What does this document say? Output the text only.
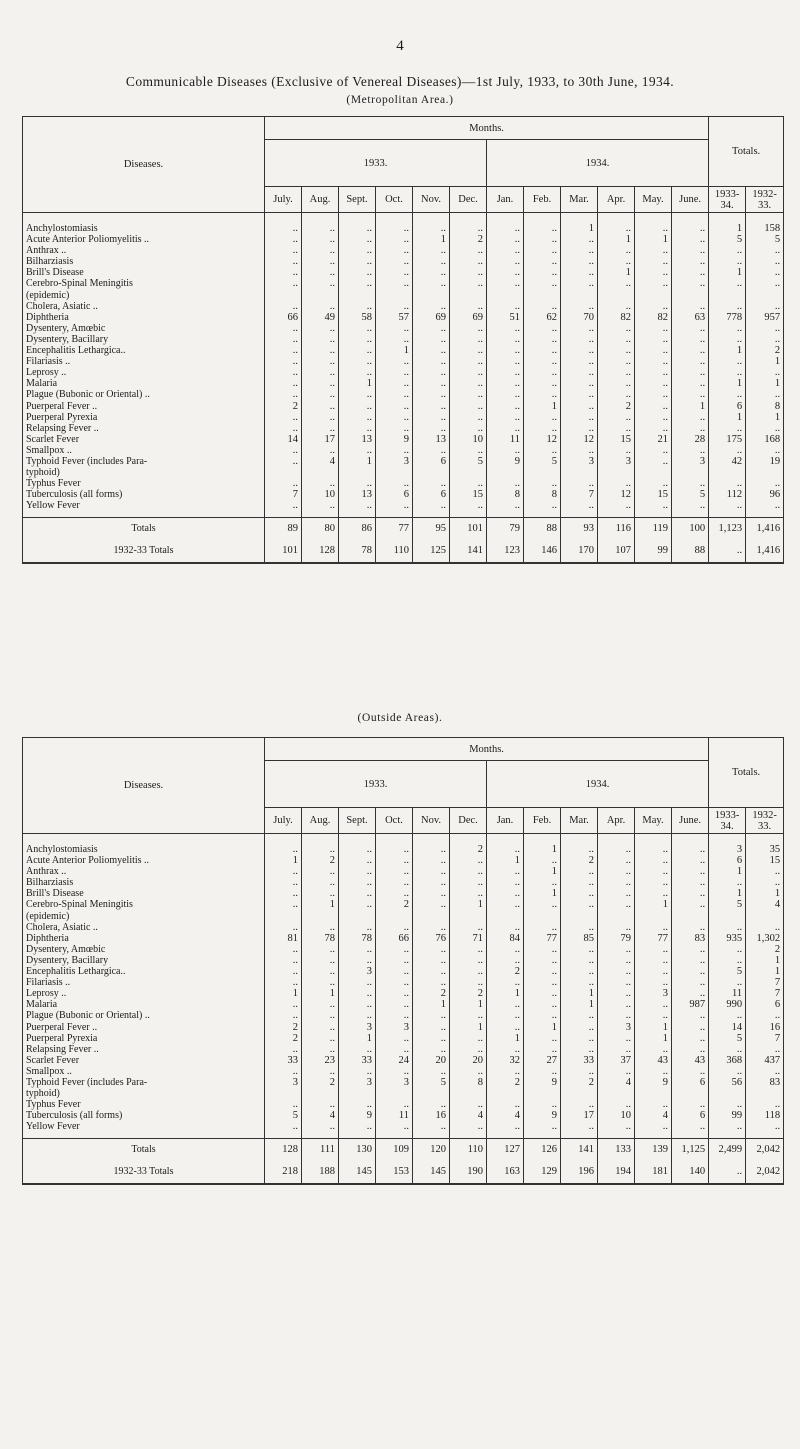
4
Communicable Diseases (Exclusive of Venereal Diseases)—1st July, 1933, to 30th June, 1934.
(Metropolitan Area.)
Diseases.	Months.												Totals.	
	1933.						1934.							
	July.	Aug.	Sept.	Oct.	Nov.	Dec.	Jan.	Feb.	Mar.	Apr.	May.	June.	1933-34.	1932-33.
Anchylostomiasis	..	..	..	..	..	..	..	..	1	..	..	..	1	158
Acute Anterior Poliomyelitis ..	..	..	..	..	1	2	..	..	..	1	1	..	5	5
Anthrax ..	..	..	..	..	..	..	..	..	..	..	..	..	..	..
Bilharziasis	..	..	..	..	..	..	..	..	..	..	..	..	..	..
Brill's Disease	..	..	..	..	..	..	..	..	..	1	..	..	1	..
Cerebro-Spinal Meningitis	..	..	..	..	..	..	..	..	..	..	..	..	..	..
(epidemic)														
Cholera, Asiatic ..	..	..	..	..	..	..	..	..	..	..	..	..	..	..
Diphtheria	66	49	58	57	69	69	51	62	70	82	82	63	778	957
Dysentery, Amœbic	..	..	..	..	..	..	..	..	..	..	..	..	..	..
Dysentery, Bacillary	..	..	..	..	..	..	..	..	..	..	..	..	..	..
Encephalitis Lethargica..	..	..	..	1	..	..	..	..	..	..	..	..	1	2
Filariasis ..	..	..	..	..	..	..	..	..	..	..	..	..	..	1
Leprosy ..	..	..	..	..	..	..	..	..	..	..	..	..	..	..
Malaria	..	..	1	..	..	..	..	..	..	..	..	..	1	1
Plague (Bubonic or Oriental) ..	..	..	..	..	..	..	..	..	..	..	..	..	..	..
Puerperal Fever ..	2	..	..	..	..	..	..	1	..	2	..	1	6	8
Puerperal Pyrexia	..	..	..	..	..	..	..	..	..	..	..	..	1	1
Relapsing Fever ..	..	..	..	..	..	..	..	..	..	..	..	..	..	..
Scarlet Fever	14	17	13	9	13	10	11	12	12	15	21	28	175	168
Smallpox ..	..	..	..	..	..	..	..	..	..	..	..	..	..	..
Typhoid Fever (includes Para-	..	4	1	3	6	5	9	5	3	3	..	3	42	19
typhoid)														
Typhus Fever	..	..	..	..	..	..	..	..	..	..	..	..	..	..
Tuberculosis (all forms)	7	10	13	6	6	15	8	8	7	12	15	5	112	96
Yellow Fever	..	..	..	..	..	..	..	..	..	..	..	..	..	..
Totals	89	80	86	77	95	101	79	88	93	116	119	100	1,123	1,416
1932-33 Totals	101	128	78	110	125	141	123	146	170	107	99	88	..	1,416
(Outside Areas).
Diseases.	Months.												Totals.	
	1933.						1934.							
	July.	Aug.	Sept.	Oct.	Nov.	Dec.	Jan.	Feb.	Mar.	Apr.	May.	June.	1933-34.	1932-33.
Anchylostomiasis	..	..	..	..	..	2	..	1	..	..	..	..	3	35
Acute Anterior Poliomyelitis ..	1	2	..	..	..	..	1	..	2	..	..	..	6	15
Anthrax ..	..	..	..	..	..	..	..	1	..	..	..	..	1	..
Bilharziasis	..	..	..	..	..	..	..	..	..	..	..	..	..	..
Brill's Disease	..	..	..	..	..	..	..	1	..	..	..	..	1	1
Cerebro-Spinal Meningitis	..	1	..	2	..	1	..	..	..	..	1	..	5	4
(epidemic)														
Cholera, Asiatic ..	..	..	..	..	..	..	..	..	..	..	..	..	..	..
Diphtheria	81	78	78	66	76	71	84	77	85	79	77	83	935	1,302
Dysentery, Amœbic	..	..	..	..	..	..	..	..	..	..	..	..	..	2
Dysentery, Bacillary	..	..	..	..	..	..	..	..	..	..	..	..	..	1
Encephalitis Lethargica..	..	..	3	..	..	..	2	..	..	..	..	..	5	1
Filariasis ..	..	..	..	..	..	..	..	..	..	..	..	..	..	7
Leprosy ..	1	1	..	..	2	2	1	..	1	..	3	..	11	7
Malaria	..	..	..	..	1	1	..	..	1	..	..	987	990	6
Plague (Bubonic or Oriental) ..	..	..	..	..	..	..	..	..	..	..	..	..	..	..
Puerperal Fever ..	2	..	3	3	..	1	..	1	..	3	1	..	14	16
Puerperal Pyrexia	2	..	1	..	..	..	1	..	..	..	1	..	5	7
Relapsing Fever ..	..	..	..	..	..	..	..	..	..	..	..	..	..	..
Scarlet Fever	33	23	33	24	20	20	32	27	33	37	43	43	368	437
Smallpox ..	..	..	..	..	..	..	..	..	..	..	..	..	..	..
Typhoid Fever (includes Para-	3	2	3	3	5	8	2	9	2	4	9	6	56	83
typhoid)														
Typhus Fever	..	..	..	..	..	..	..	..	..	..	..	..	..	..
Tuberculosis (all forms)	5	4	9	11	16	4	4	9	17	10	4	6	99	118
Yellow Fever	..	..	..	..	..	..	..	..	..	..	..	..	..	..
Totals	128	111	130	109	120	110	127	126	141	133	139	1,125	2,499	2,042
1932-33 Totals	218	188	145	153	145	190	163	129	196	194	181	140	..	2,042
